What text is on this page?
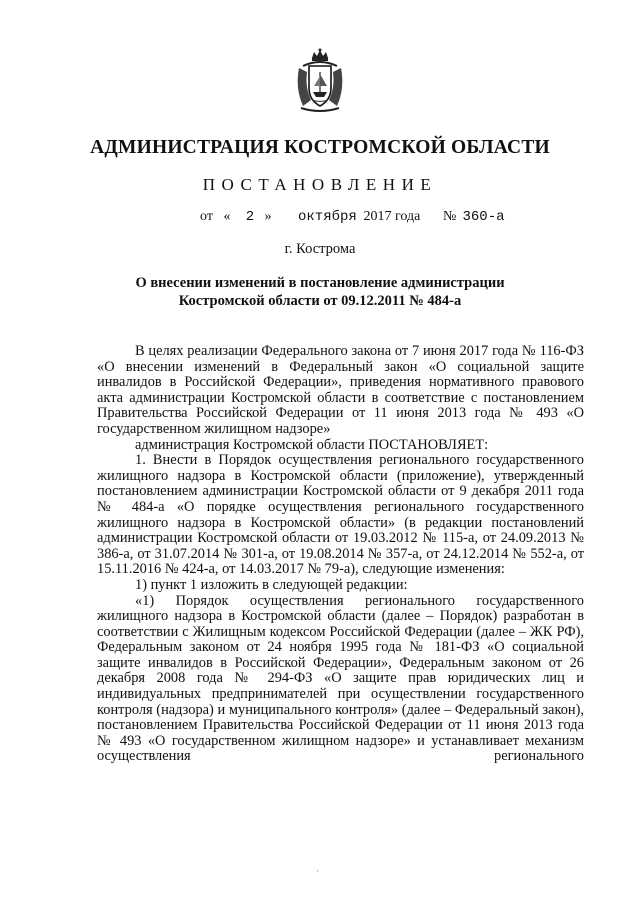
АДМИНИСТРАЦИЯ КОСТРОМСКОЙ ОБЛАСТИ
ПОСТАНОВЛЕНИЕ
от « 2 » октября 2017 года № 360-а
г. Кострома
О внесении изменений в постановление администрации
Костромской области от 09.12.2011 № 484-а

В целях реализации Федерального закона от 7 июня 2017 года № 116-ФЗ «О внесении изменений в Федеральный закон «О социальной защите инвалидов в Российской Федерации», приведения нормативного правового акта администрации Костромской области в соответствие с постановлением Правительства Российской Федерации от 11 июня 2013 года № 493 «О государственном жилищном надзоре»

администрация Костромской области ПОСТАНОВЛЯЕТ:

1. Внести в Порядок осуществления регионального государственного жилищного надзора в Костромской области (приложение), утвержденный постановлением администрации Костромской области от 9 декабря 2011 года № 484-а «О порядке осуществления регионального государственного жилищного надзора в Костромской области» (в редакции постановлений администрации Костромской области от 19.03.2012 № 115-а, от 24.09.2013 № 386-а, от 31.07.2014 № 301-а, от 19.08.2014 № 357-а, от 24.12.2014 № 552-а, от 15.11.2016 № 424-а, от 14.03.2017 № 79-а), следующие изменения:

1) пункт 1 изложить в следующей редакции:

«1) Порядок осуществления регионального государственного жилищного надзора в Костромской области (далее – Порядок) разработан в соответствии с Жилищным кодексом Российской Федерации (далее – ЖК РФ), Федеральным законом от 24 ноября 1995 года № 181-ФЗ «О социальной защите инвалидов в Российской Федерации», Федеральным законом от 26 декабря 2008 года № 294-ФЗ «О защите прав юридических лиц и индивидуальных предпринимателей при осуществлении государственного контроля (надзора) и муниципального контроля» (далее – Федеральный закон), постановлением Правительства Российской Федерации от 11 июня 2013 года № 493 «О государственном жилищном надзоре» и устанавливает механизм осуществления регионального

·
